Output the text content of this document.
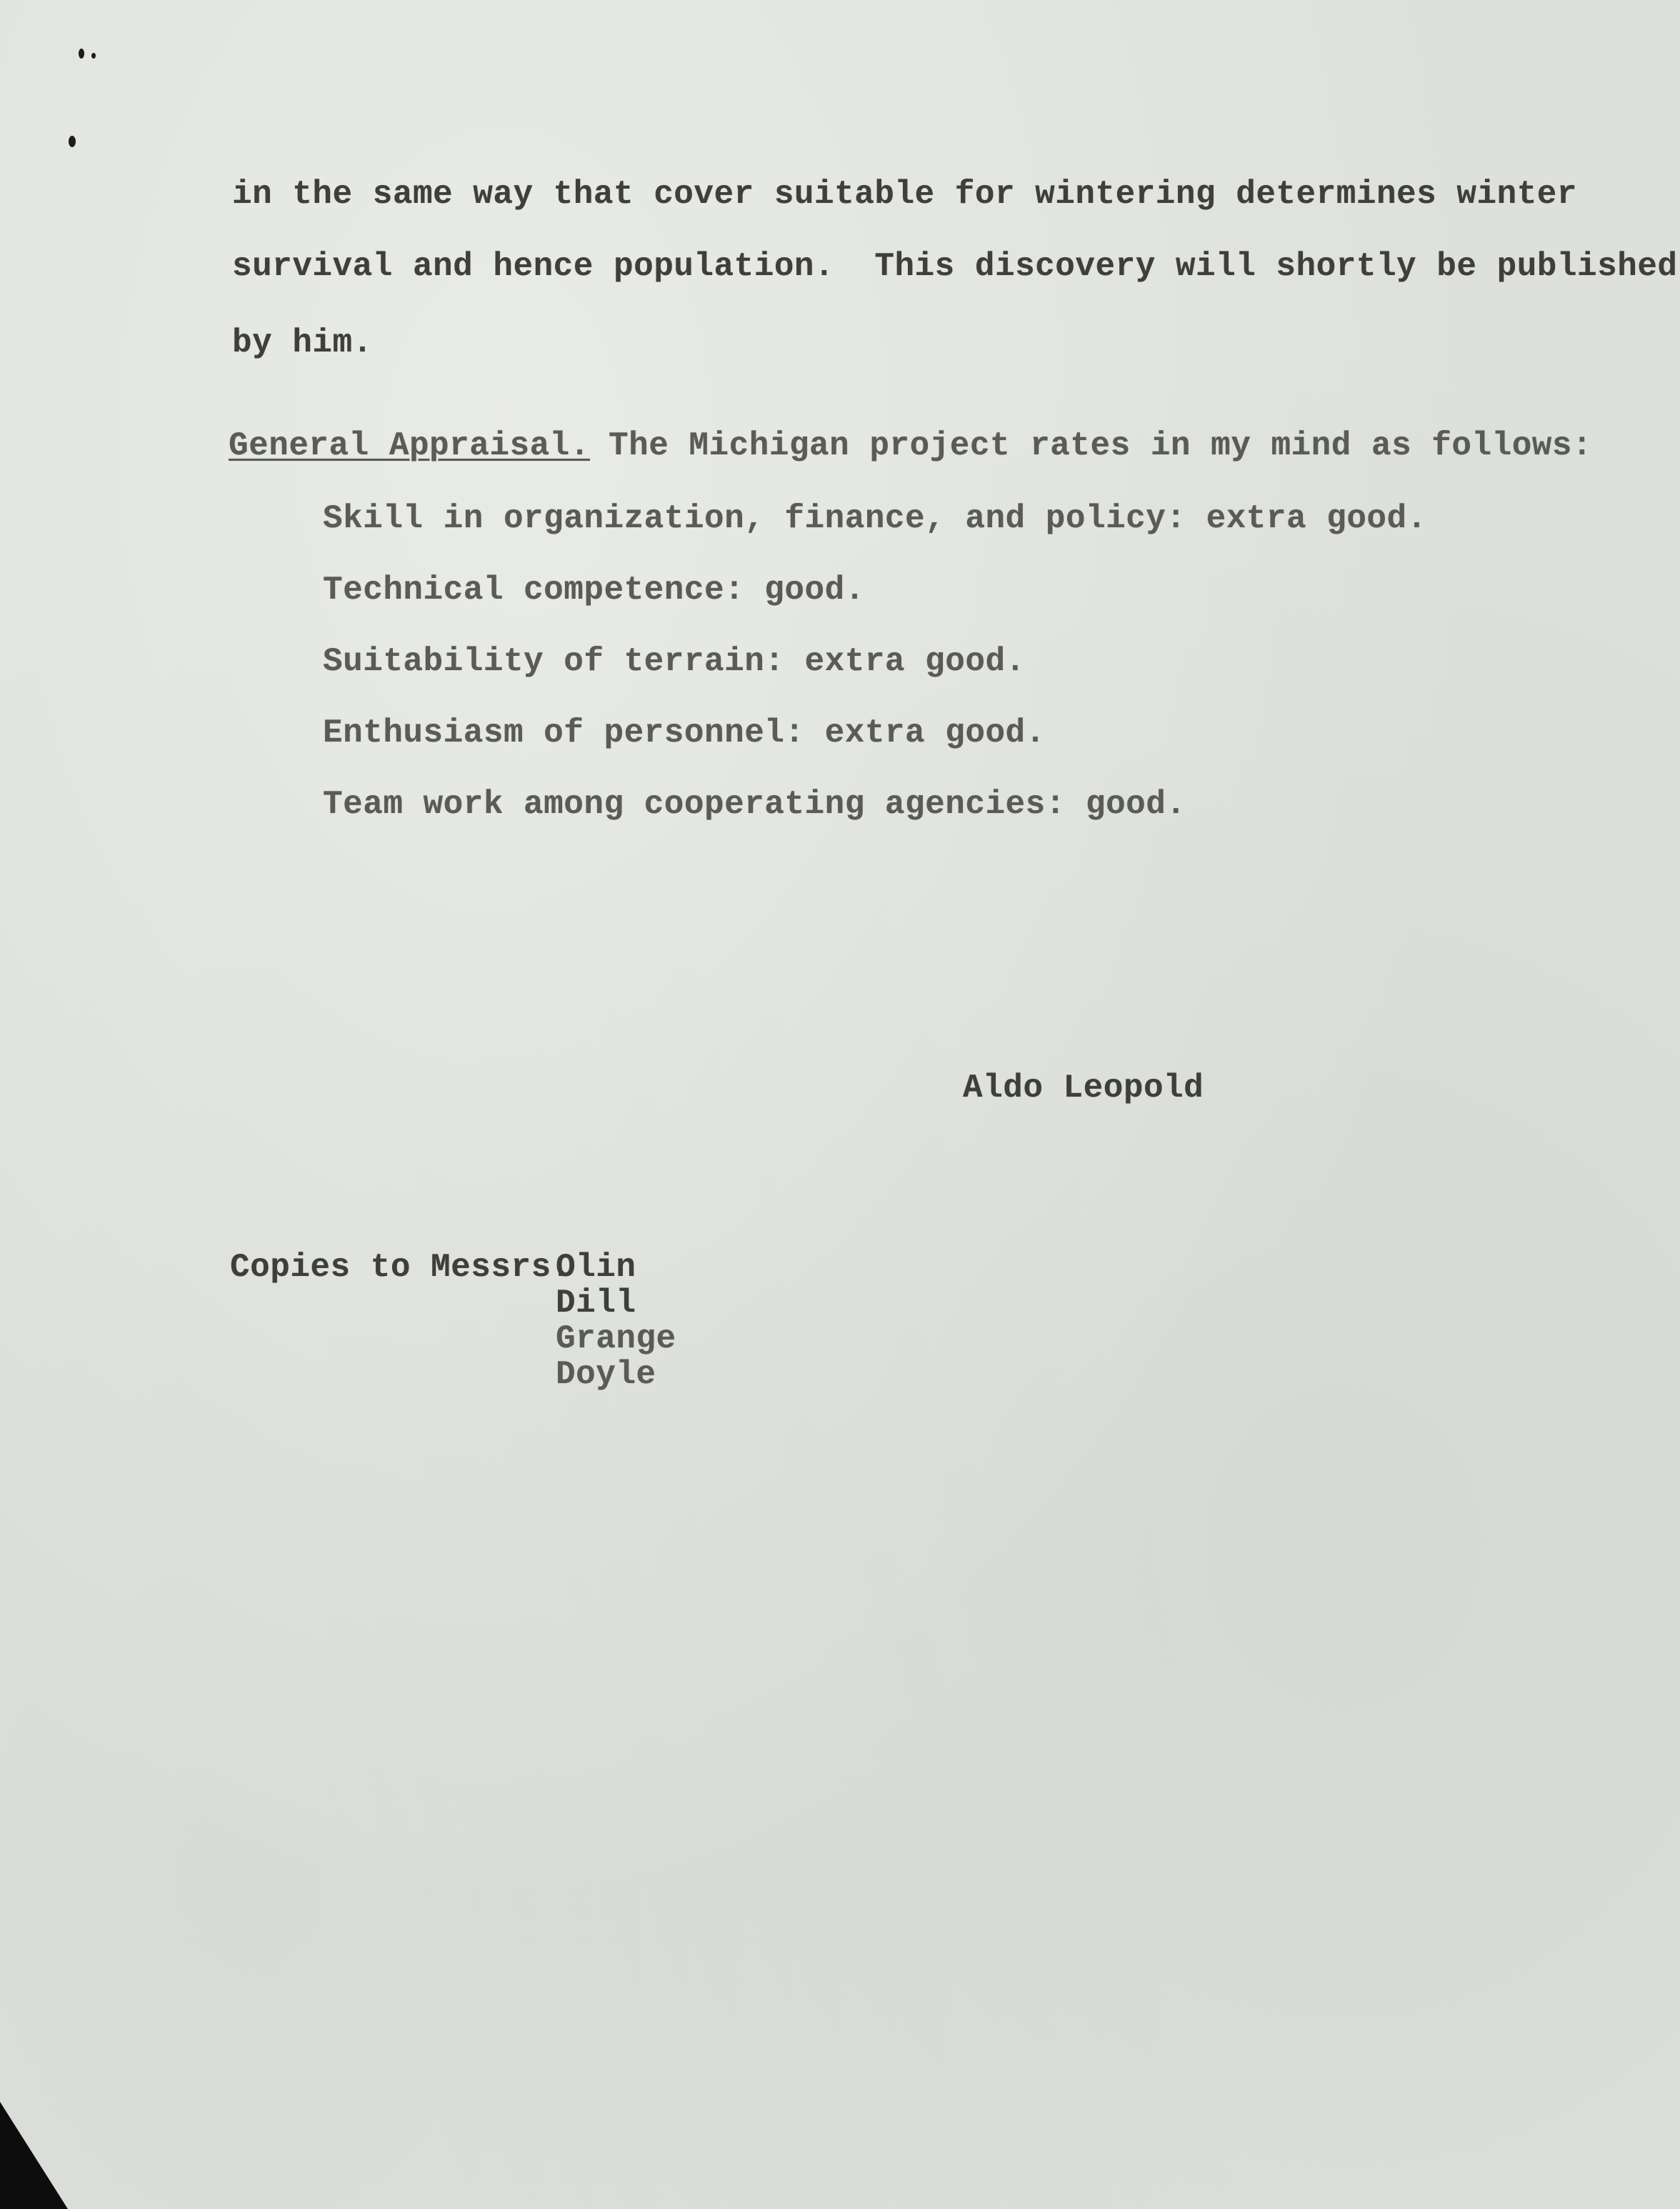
in the same way that cover suitable for wintering determines winter
survival and hence population.  This discovery will shortly be published
by him.
General Appraisal. The Michigan project rates in my mind as follows:
Skill in organization, finance, and policy: extra good.
Technical competence: good.
Suitability of terrain: extra good.
Enthusiasm of personnel: extra good.
Team work among cooperating agencies: good.
Aldo Leopold
Copies to Messrs.
Olin
Dill
Grange
Doyle
